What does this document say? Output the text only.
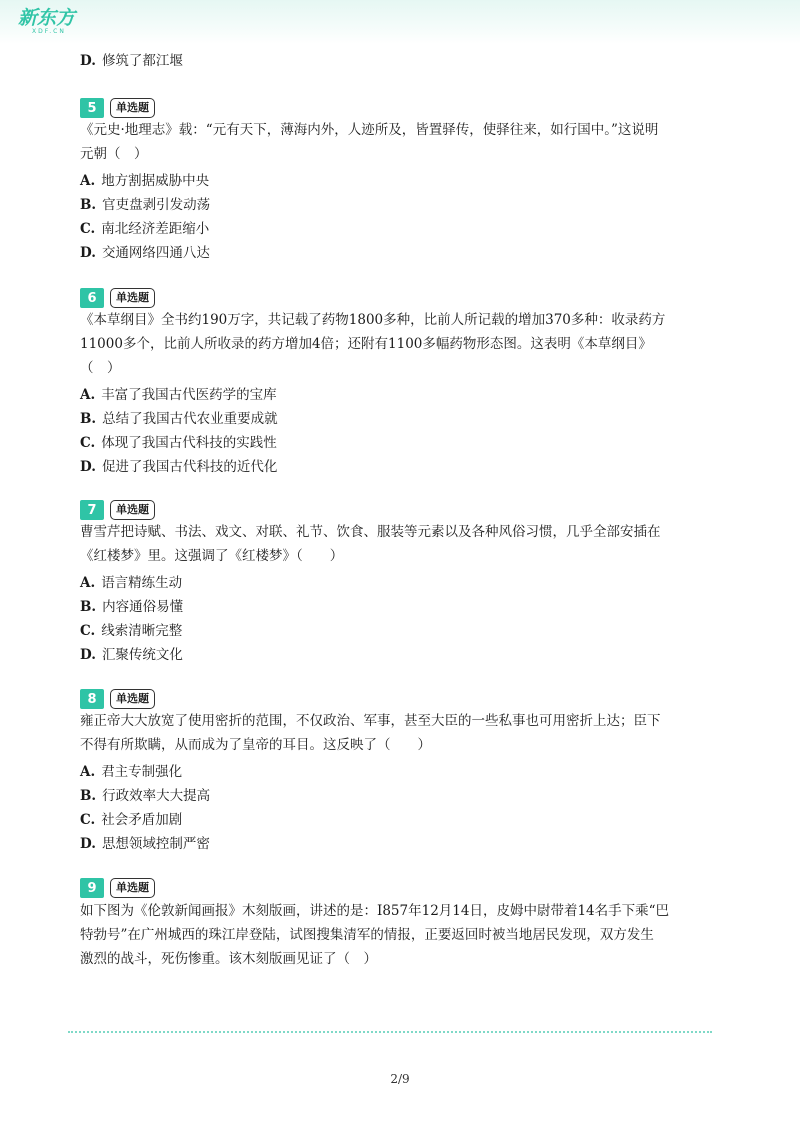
新东方
XDF.CN
D. 修筑了都江堰
5	单选题
《元史·地理志》载：“元有天下，薄海内外，人迹所及，皆置驿传，使驿往来，如行国中。”这说明
元朝（　）
A. 地方割据威胁中央
B. 官吏盘剥引发动荡
C. 南北经济差距缩小
D. 交通网络四通八达
6	单选题
《本草纲目》全书约190万字，共记载了药物1800多种，比前人所记载的增加370多种：收录药方
11000多个，比前人所收录的药方增加4倍；还附有1100多幅药物形态图。这表明《本草纲目》
（　）
A. 丰富了我国古代医药学的宝库
B. 总结了我国古代农业重要成就
C. 体现了我国古代科技的实践性
D. 促进了我国古代科技的近代化
7	单选题
曹雪芹把诗赋、书法、戏文、对联、礼节、饮食、服装等元素以及各种风俗习惯，几乎全部安插在
《红楼梦》里。这强调了《红楼梦》（　　）
A. 语言精练生动
B. 内容通俗易懂
C. 线索清晰完整
D. 汇聚传统文化
8	单选题
雍正帝大大放宽了使用密折的范围，不仅政治、军事，甚至大臣的一些私事也可用密折上达；臣下
不得有所欺瞒，从而成为了皇帝的耳目。这反映了（　　）
A. 君主专制强化
B. 行政效率大大提高
C. 社会矛盾加剧
D. 思想领域控制严密
9	单选题
如下图为《伦敦新闻画报》木刻版画，讲述的是：I857年12月14日，皮姆中尉带着14名手下乘“巴
特勃号”在广州城西的珠江岸登陆，试图搜集清军的情报，正要返回时被当地居民发现，双方发生
激烈的战斗，死伤惨重。该木刻版画见证了（　）
2/9
